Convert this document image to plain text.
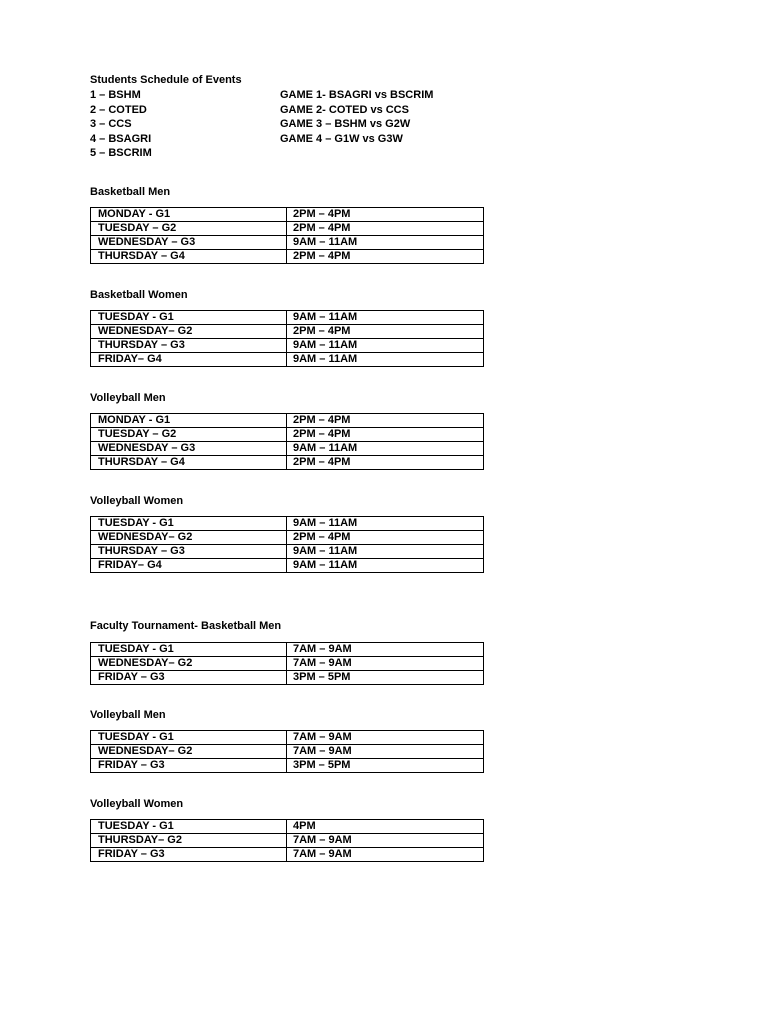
Students Schedule of Events
1 – BSHM
2 – COTED
3 – CCS
4 – BSAGRI
5 – BSCRIM
GAME 1- BSAGRI vs BSCRIM
GAME 2- COTED vs CCS
GAME 3 – BSHM vs G2W
GAME 4 – G1W vs G3W
Basketball Men
MONDAY - G1	2PM – 4PM
TUESDAY – G2	2PM – 4PM
WEDNESDAY – G3	9AM – 11AM
THURSDAY – G4	2PM – 4PM
Basketball Women
TUESDAY - G1	9AM – 11AM
WEDNESDAY– G2	2PM – 4PM
THURSDAY – G3	9AM – 11AM
FRIDAY– G4	9AM – 11AM
Volleyball Men
MONDAY - G1	2PM – 4PM
TUESDAY – G2	2PM – 4PM
WEDNESDAY – G3	9AM – 11AM
THURSDAY – G4	2PM – 4PM
Volleyball Women
TUESDAY - G1	9AM – 11AM
WEDNESDAY– G2	2PM – 4PM
THURSDAY – G3	9AM – 11AM
FRIDAY– G4	9AM – 11AM
Faculty Tournament- Basketball Men
TUESDAY - G1	7AM – 9AM
WEDNESDAY– G2	7AM – 9AM
FRIDAY – G3	3PM – 5PM
Volleyball Men
TUESDAY - G1	7AM – 9AM
WEDNESDAY– G2	7AM – 9AM
FRIDAY – G3	3PM – 5PM
Volleyball Women
TUESDAY - G1	4PM
THURSDAY– G2	7AM – 9AM
FRIDAY – G3	7AM – 9AM
